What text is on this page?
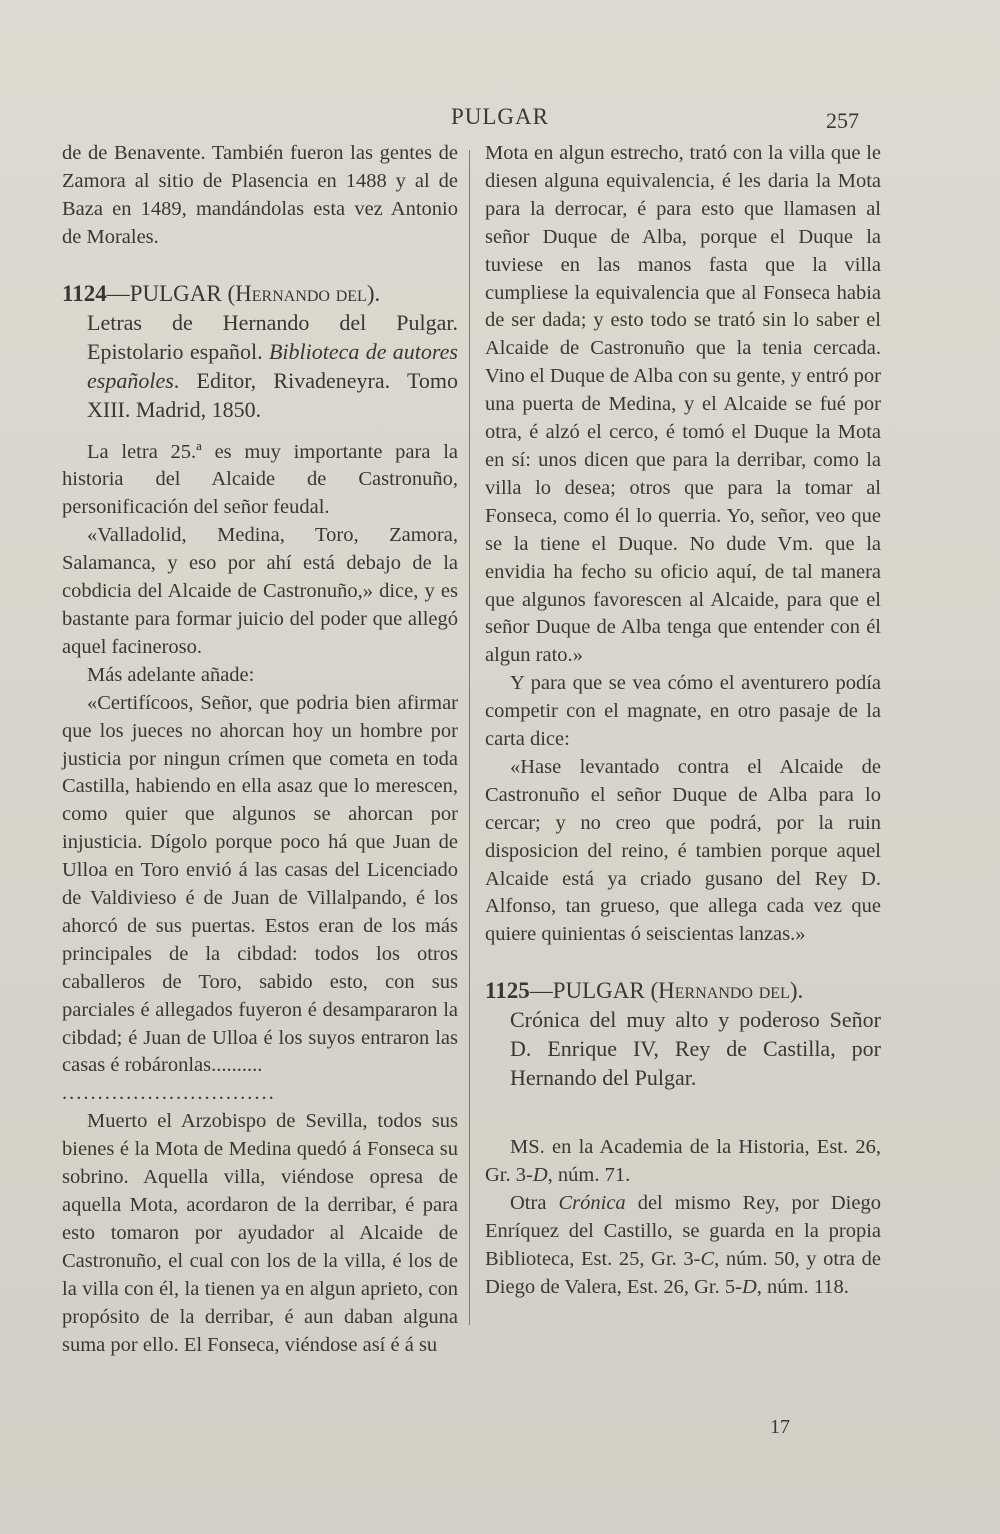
PULGAR	257

de de Benavente. También fueron las gentes de Zamora al sitio de Plasencia en 1488 y al de Baza en 1489, mandándolas esta vez Antonio de Morales.

1124—PULGAR (Hernando del).

Letras de Hernando del Pulgar. Epistolario español. Biblioteca de autores españoles. Editor, Rivadeneyra. Tomo XIII. Madrid, 1850.

La letra 25.ª es muy importante para la historia del Alcaide de Castronuño, personificación del señor feudal.

«Valladolid, Medina, Toro, Zamora, Salamanca, y eso por ahí está debajo de la cobdicia del Alcaide de Castronuño,» dice, y es bastante para formar juicio del poder que allegó aquel facineroso.

Más adelante añade:

«Certifícoos, Señor, que podria bien afirmar que los jueces no ahorcan hoy un hombre por justicia por ningun crímen que cometa en toda Castilla, habiendo en ella asaz que lo merescen, como quier que algunos se ahorcan por injusticia. Dígolo porque poco há que Juan de Ulloa en Toro envió á las casas del Licenciado de Valdivieso é de Juan de Villalpando, é los ahorcó de sus puertas. Estos eran de los más principales de la cibdad: todos los otros caballeros de Toro, sabido esto, con sus parciales é allegados fuyeron é desampararon la cibdad; é Juan de Ulloa é los suyos entraron las casas é robáronlas..........

..............................

Muerto el Arzobispo de Sevilla, todos sus bienes é la Mota de Medina quedó á Fonseca su sobrino. Aquella villa, viéndose opresa de aquella Mota, acordaron de la derribar, é para esto tomaron por ayudador al Alcaide de Castronuño, el cual con los de la villa, é los de la villa con él, la tienen ya en algun aprieto, con propósito de la derribar, é aun daban alguna suma por ello. El Fonseca, viéndose así é á su

Mota en algun estrecho, trató con la villa que le diesen alguna equivalencia, é les daria la Mota para la derrocar, é para esto que llamasen al señor Duque de Alba, porque el Duque la tuviese en las manos fasta que la villa cumpliese la equivalencia que al Fonseca habia de ser dada; y esto todo se trató sin lo saber el Alcaide de Castronuño que la tenia cercada. Vino el Duque de Alba con su gente, y entró por una puerta de Medina, y el Alcaide se fué por otra, é alzó el cerco, é tomó el Duque la Mota en sí: unos dicen que para la derribar, como la villa lo desea; otros que para la tomar al Fonseca, como él lo querria. Yo, señor, veo que se la tiene el Duque. No dude Vm. que la envidia ha fecho su oficio aquí, de tal manera que algunos favorescen al Alcaide, para que el señor Duque de Alba tenga que entender con él algun rato.»

Y para que se vea cómo el aventurero podía competir con el magnate, en otro pasaje de la carta dice:

«Hase levantado contra el Alcaide de Castronuño el señor Duque de Alba para lo cercar; y no creo que podrá, por la ruin disposicion del reino, é tambien porque aquel Alcaide está ya criado gusano del Rey D. Alfonso, tan grueso, que allega cada vez que quiere quinientas ó seiscientas lanzas.»

1125—PULGAR (Hernando del).

Crónica del muy alto y poderoso Señor D. Enrique IV, Rey de Castilla, por Hernando del Pulgar.

MS. en la Academia de la Historia, Est. 26, Gr. 3-D, núm. 71.

Otra Crónica del mismo Rey, por Diego Enríquez del Castillo, se guarda en la propia Biblioteca, Est. 25, Gr. 3-C, núm. 50, y otra de Diego de Valera, Est. 26, Gr. 5-D, núm. 118.

17
